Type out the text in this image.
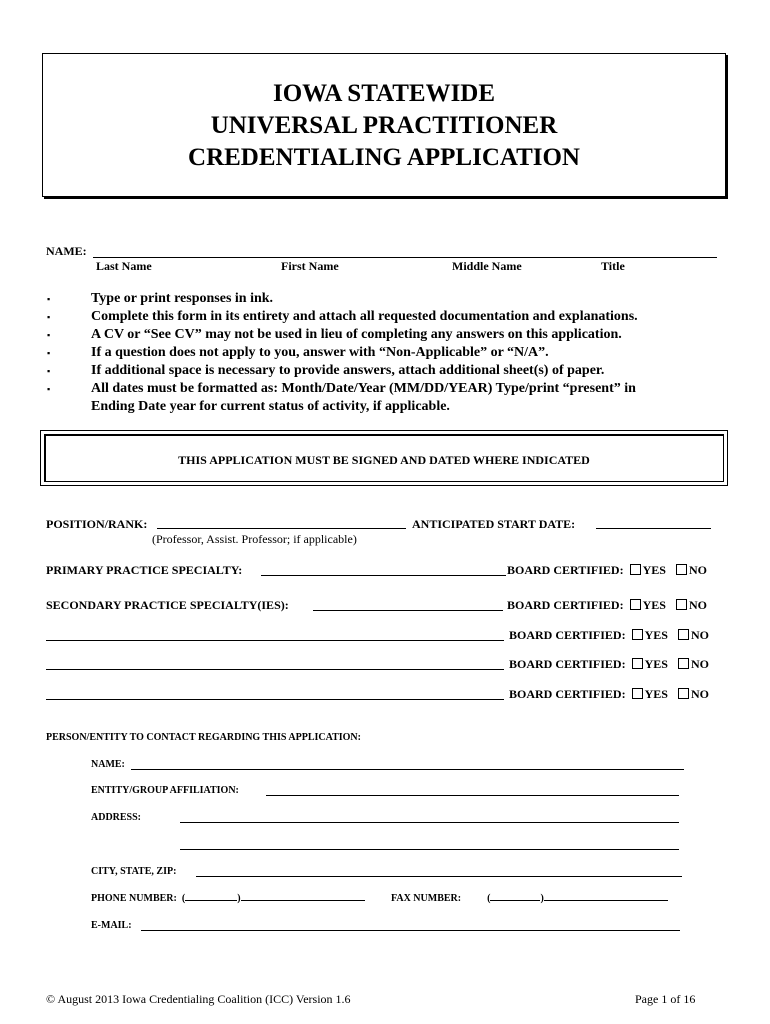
IOWA STATEWIDE
UNIVERSAL PRACTITIONER
CREDENTIALING APPLICATION
NAME:
Last Name	First Name	Middle Name	Title
▪	Type or print responses in ink.
▪	Complete this form in its entirety and attach all requested documentation and explanations.
▪	A CV or “See CV” may not be used in lieu of completing any answers on this application.
▪	If a question does not apply to you, answer with “Non-Applicable” or “N/A”.
▪	If additional space is necessary to provide answers, attach additional sheet(s) of paper.
▪	All dates must be formatted as: Month/Date/Year (MM/DD/YEAR) Type/print “present” in
Ending Date year for current status of activity, if applicable.
THIS APPLICATION MUST BE SIGNED AND DATED WHERE INDICATED
POSITION/RANK:	ANTICIPATED START DATE:
(Professor, Assist. Professor; if applicable)
PRIMARY PRACTICE SPECIALTY:	BOARD CERTIFIED: YES NO
SECONDARY PRACTICE SPECIALTY(IES):	BOARD CERTIFIED: YES NO
BOARD CERTIFIED: YES NO
BOARD CERTIFIED: YES NO
BOARD CERTIFIED: YES NO
PERSON/ENTITY TO CONTACT REGARDING THIS APPLICATION:
NAME:
ENTITY/GROUP AFFILIATION:
ADDRESS:
CITY, STATE, ZIP:
PHONE NUMBER: (	)	FAX NUMBER:	(	)
E-MAIL:
© August 2013 Iowa Credentialing Coalition (ICC) Version 1.6	Page 1 of 16
